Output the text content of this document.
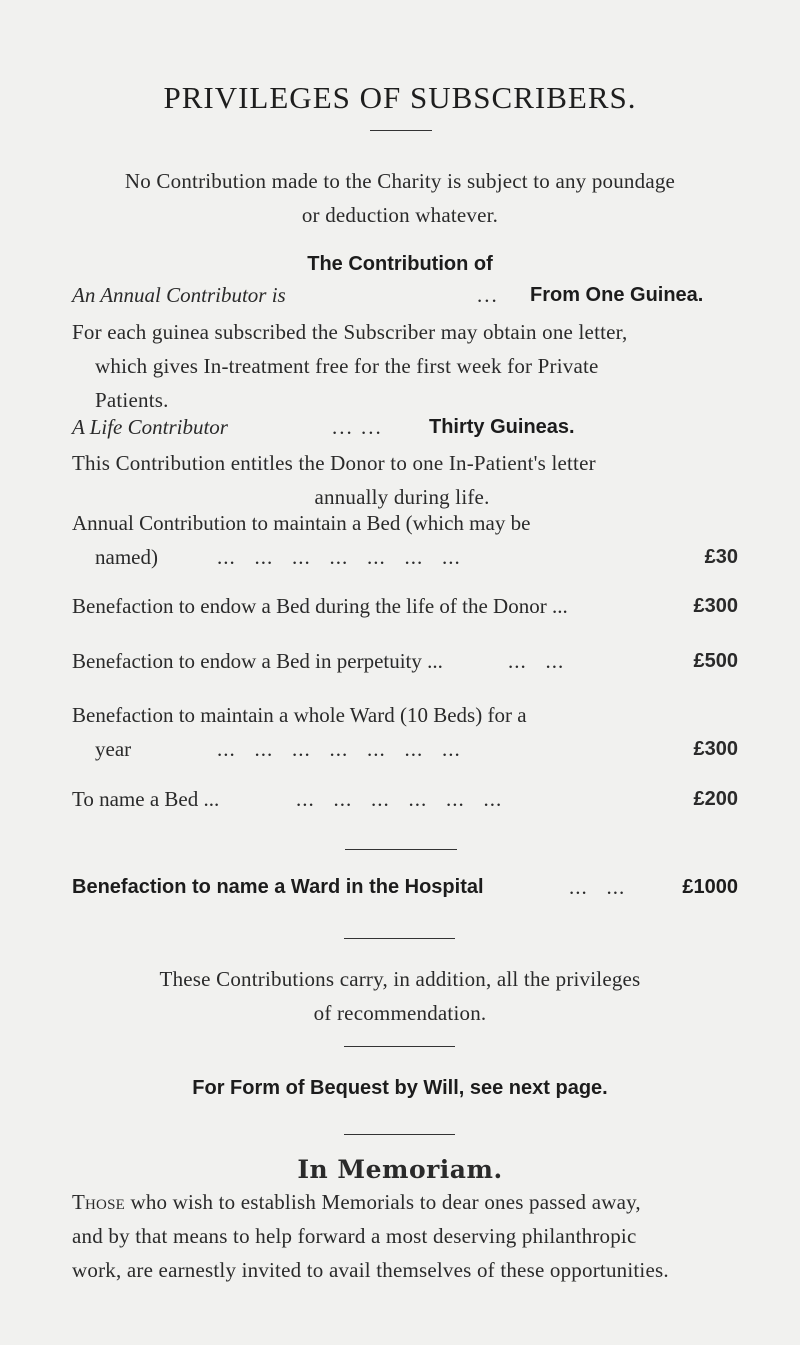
PRIVILEGES OF SUBSCRIBERS.
No Contribution made to the Charity is subject to any poundage
or deduction whatever.
The Contribution of
An Annual Contributor is	... From One Guinea.
For each guinea subscribed the Subscriber may obtain one letter,
which gives In-treatment free for the first week for Private
Patients.
A Life Contributor	... ... Thirty Guineas.
This Contribution entitles the Donor to one In-Patient's letter
annually during life.
Annual Contribution to maintain a Bed (which may be
named)	...   ...   ...   ...   ...   ...   ...	£30
Benefaction to endow a Bed during the life of the Donor ...	£300
Benefaction to endow a Bed in perpetuity ...	...   ...	£500
Benefaction to maintain a whole Ward (10 Beds) for a
year	...   ...   ...   ...   ...   ...   ...	£300
To name a Bed ...	...   ...   ...   ...   ...   ...	£200
Benefaction to name a Ward in the Hospital	...   ...	£1000
These Contributions carry, in addition, all the privileges
of recommendation.
For Form of Bequest by Will, see next page.
In Memoriam.
Those who wish to establish Memorials to dear ones passed away,
and by that means to help forward a most deserving philanthropic
work, are earnestly invited to avail themselves of these opportunities.
